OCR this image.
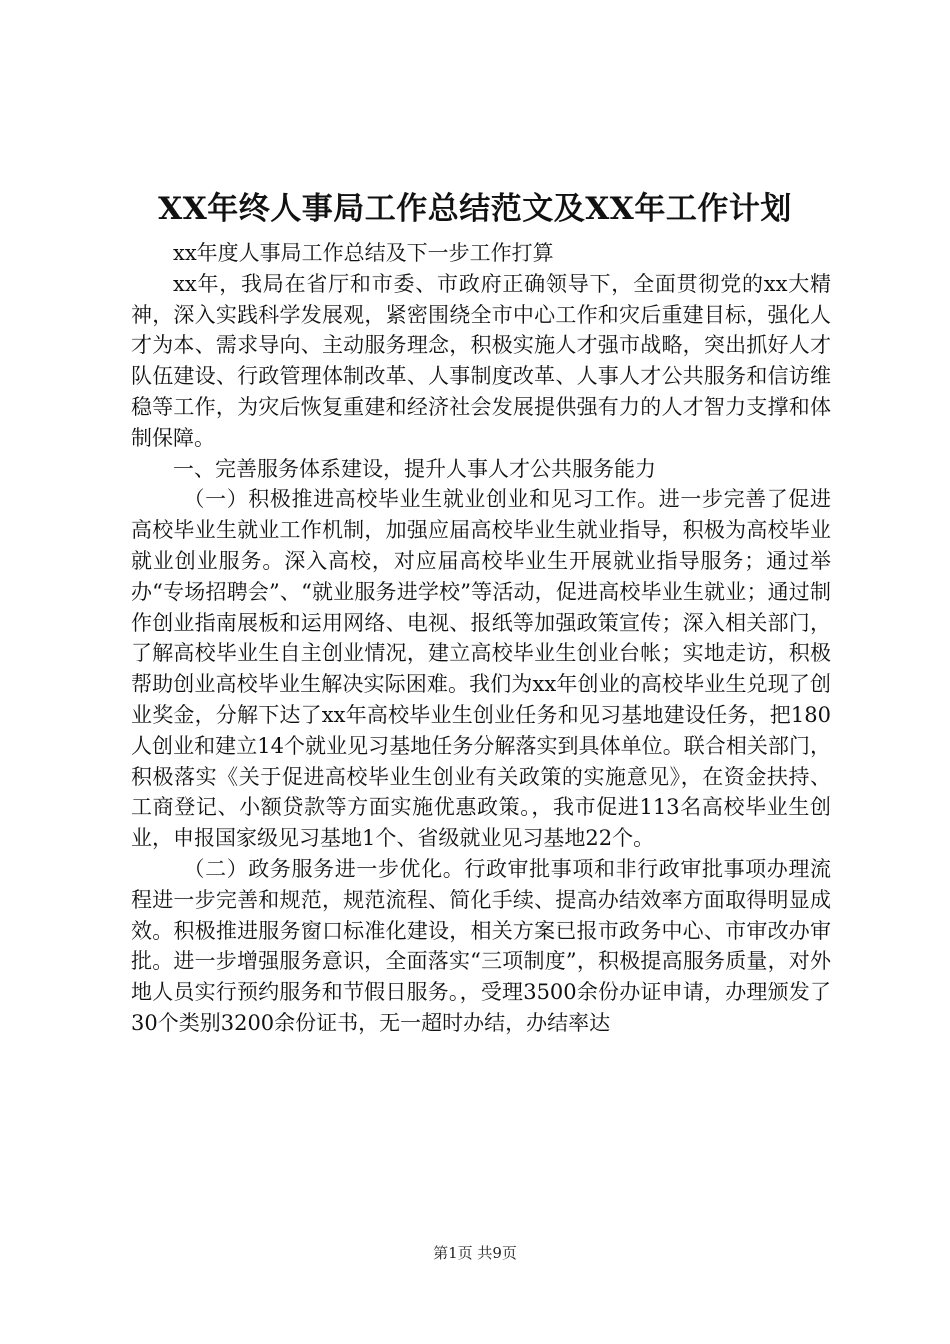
XX年终人事局工作总结范文及XX年工作计划

xx年度人事局工作总结及下一步工作打算

xx年，我局在省厅和市委、市政府正确领导下，全面贯彻党的xx大精神，深入实践科学发展观，紧密围绕全市中心工作和灾后重建目标，强化人才为本、需求导向、主动服务理念，积极实施人才强市战略，突出抓好人才队伍建设、行政管理体制改革、人事制度改革、人事人才公共服务和信访维稳等工作，为灾后恢复重建和经济社会发展提供强有力的人才智力支撑和体制保障。

一、完善服务体系建设，提升人事人才公共服务能力

（一）积极推进高校毕业生就业创业和见习工作。进一步完善了促进高校毕业生就业工作机制，加强应届高校毕业生就业指导，积极为高校毕业就业创业服务。深入高校，对应届高校毕业生开展就业指导服务；通过举办“专场招聘会”、“就业服务进学校”等活动，促进高校毕业生就业；通过制作创业指南展板和运用网络、电视、报纸等加强政策宣传；深入相关部门，了解高校毕业生自主创业情况，建立高校毕业生创业台帐；实地走访，积极帮助创业高校毕业生解决实际困难。我们为xx年创业的高校毕业生兑现了创业奖金，分解下达了xx年高校毕业生创业任务和见习基地建设任务，把180人创业和建立14个就业见习基地任务分解落实到具体单位。联合相关部门，积极落实《关于促进高校毕业生创业有关政策的实施意见》，在资金扶持、工商登记、小额贷款等方面实施优惠政策。，我市促进113名高校毕业生创业，申报国家级见习基地1个、省级就业见习基地22个。

（二）政务服务进一步优化。行政审批事项和非行政审批事项办理流程进一步完善和规范，规范流程、简化手续、提高办结效率方面取得明显成效。积极推进服务窗口标准化建设，相关方案已报市政务中心、市审改办审批。进一步增强服务意识，全面落实“三项制度”，积极提高服务质量，对外地人员实行预约服务和节假日服务。，受理3500余份办证申请，办理颁发了30个类别3200余份证书，无一超时办结，办结率达

第1页 共9页
